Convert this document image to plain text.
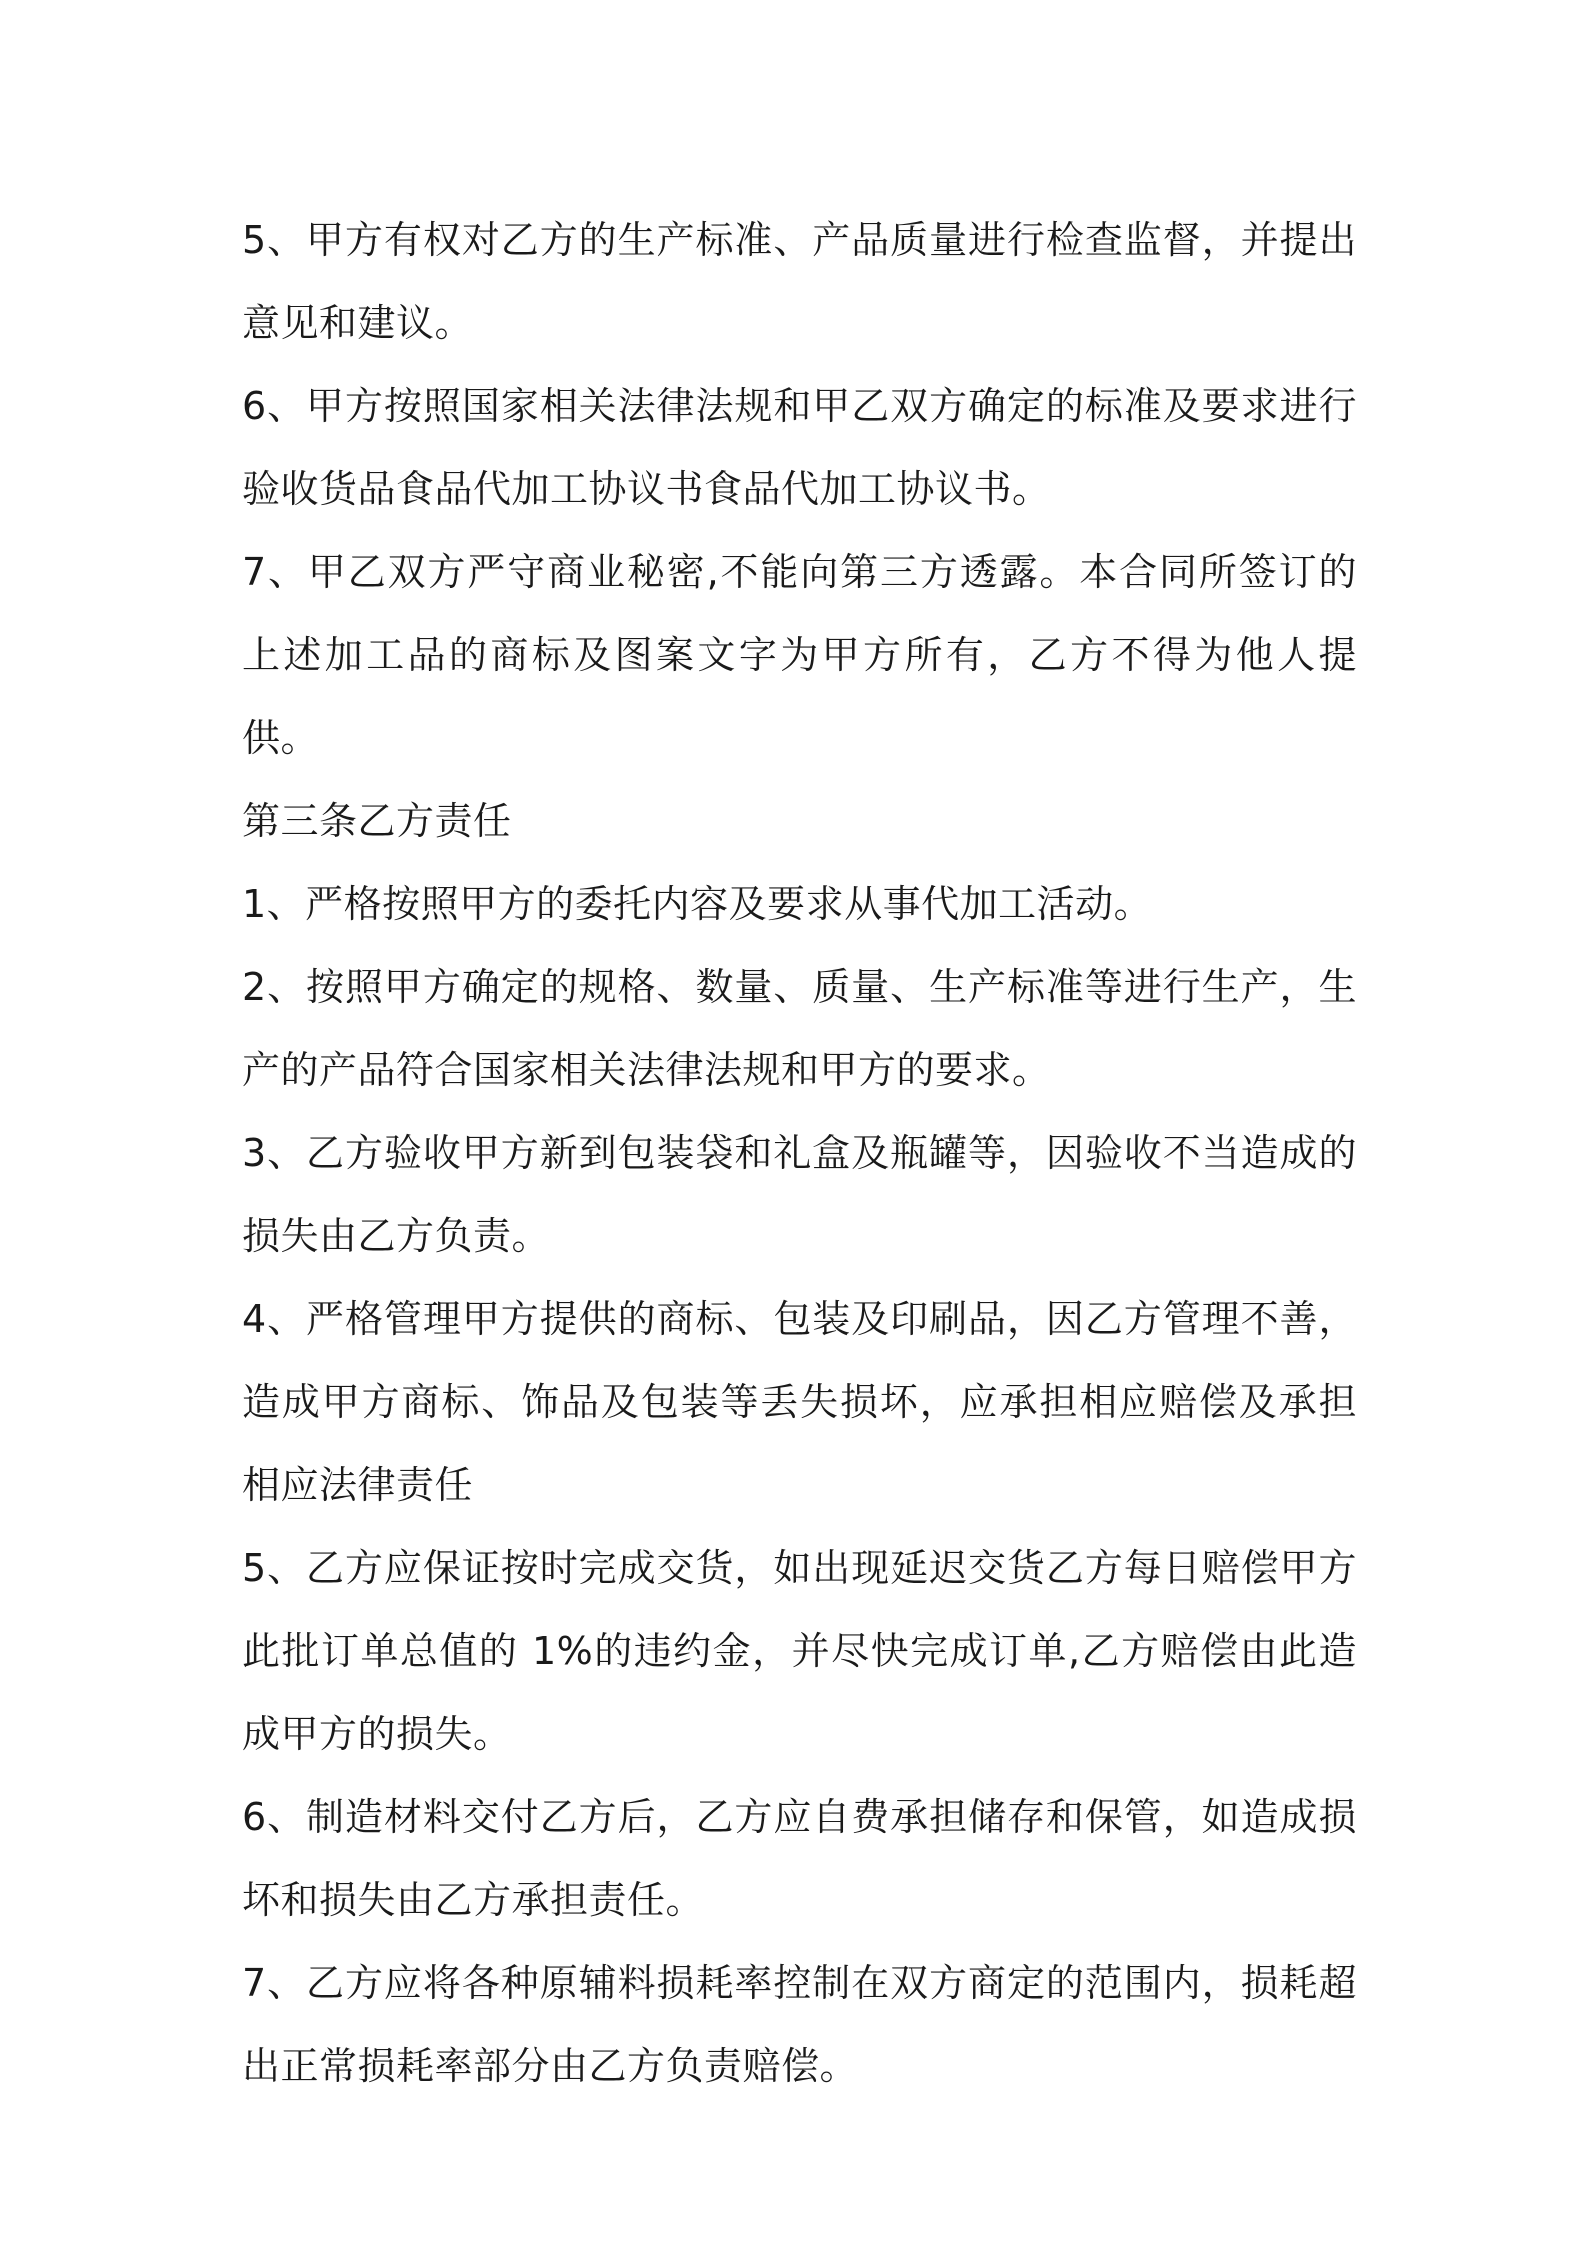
5、甲方有权对乙方的生产标准、产品质量进行检查监督，并提出意见和建议。

6、甲方按照国家相关法律法规和甲乙双方确定的标准及要求进行验收货品食品代加工协议书食品代加工协议书。

7、甲乙双方严守商业秘密,不能向第三方透露。本合同所签订的上述加工品的商标及图案文字为甲方所有，乙方不得为他人提供。

第三条乙方责任

1、严格按照甲方的委托内容及要求从事代加工活动。

2、按照甲方确定的规格、数量、质量、生产标准等进行生产，生产的产品符合国家相关法律法规和甲方的要求。

3、乙方验收甲方新到包装袋和礼盒及瓶罐等，因验收不当造成的损失由乙方负责。

4、严格管理甲方提供的商标、包装及印刷品，因乙方管理不善，造成甲方商标、饰品及包装等丢失损坏，应承担相应赔偿及承担相应法律责任

5、乙方应保证按时完成交货，如出现延迟交货乙方每日赔偿甲方此批订单总值的 1%的违约金，并尽快完成订单,乙方赔偿由此造成甲方的损失。

6、制造材料交付乙方后，乙方应自费承担储存和保管，如造成损坏和损失由乙方承担责任。

7、乙方应将各种原辅料损耗率控制在双方商定的范围内，损耗超出正常损耗率部分由乙方负责赔偿。
